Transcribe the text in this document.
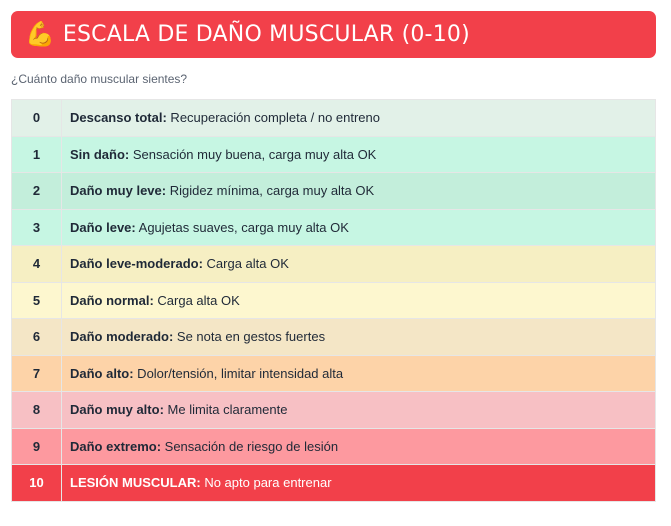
💪 ESCALA DE DAÑO MUSCULAR (0-10)
¿Cuánto daño muscular sientes?
0	Descanso total: Recuperación completa / no entreno
1	Sin daño: Sensación muy buena, carga muy alta OK
2	Daño muy leve: Rigidez mínima, carga muy alta OK
3	Daño leve: Agujetas suaves, carga muy alta OK
4	Daño leve-moderado: Carga alta OK
5	Daño normal: Carga alta OK
6	Daño moderado: Se nota en gestos fuertes
7	Daño alto: Dolor/tensión, limitar intensidad alta
8	Daño muy alto: Me limita claramente
9	Daño extremo: Sensación de riesgo de lesión
10	LESIÓN MUSCULAR: No apto para entrenar
